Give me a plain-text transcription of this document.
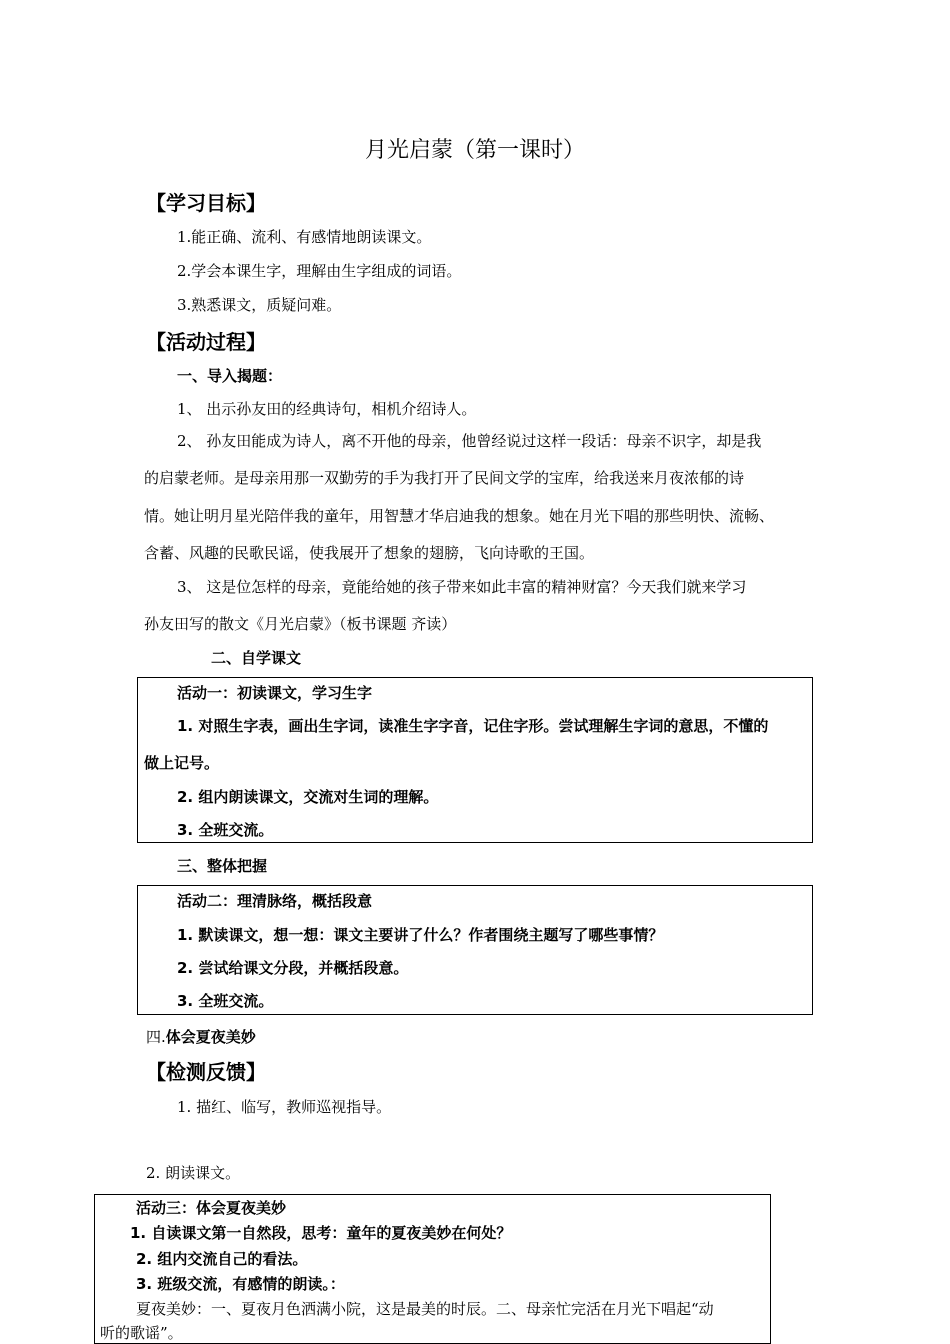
月光启蒙（第一课时）
【学习目标】
1.能正确、流利、有感情地朗读课文。
2.学会本课生字，理解由生字组成的词语。
3.熟悉课文，质疑问难。
【活动过程】
一、导入揭题：
1、 出示孙友田的经典诗句，相机介绍诗人。
2、 孙友田能成为诗人，离不开他的母亲，他曾经说过这样一段话：母亲不识字，却是我
的启蒙老师。是母亲用那一双勤劳的手为我打开了民间文学的宝库，给我送来月夜浓郁的诗
情。她让明月星光陪伴我的童年，用智慧才华启迪我的想象。她在月光下唱的那些明快、流畅、
含蓄、风趣的民歌民谣，使我展开了想象的翅膀，飞向诗歌的王国。
3、 这是位怎样的母亲，竟能给她的孩子带来如此丰富的精神财富？今天我们就来学习
孙友田写的散文《月光启蒙》（板书课题 齐读）
二、自学课文
活动一：初读课文，学习生字
1. 对照生字表，画出生字词，读准生字字音，记住字形。尝试理解生字词的意思，不懂的
做上记号。
2. 组内朗读课文，交流对生词的理解。
3. 全班交流。
三、整体把握
活动二：理清脉络，概括段意
1. 默读课文，想一想：课文主要讲了什么？作者围绕主题写了哪些事情？
2. 尝试给课文分段，并概括段意。
3. 全班交流。
四.体会夏夜美妙
【检测反馈】
1. 描红、临写，教师巡视指导。
2. 朗读课文。
活动三：体会夏夜美妙
1. 自读课文第一自然段，思考：童年的夏夜美妙在何处？
2. 组内交流自己的看法。
3. 班级交流，有感情的朗读。：
夏夜美妙：一、夏夜月色洒满小院，这是最美的时辰。二、母亲忙完活在月光下唱起“动
听的歌谣”。
